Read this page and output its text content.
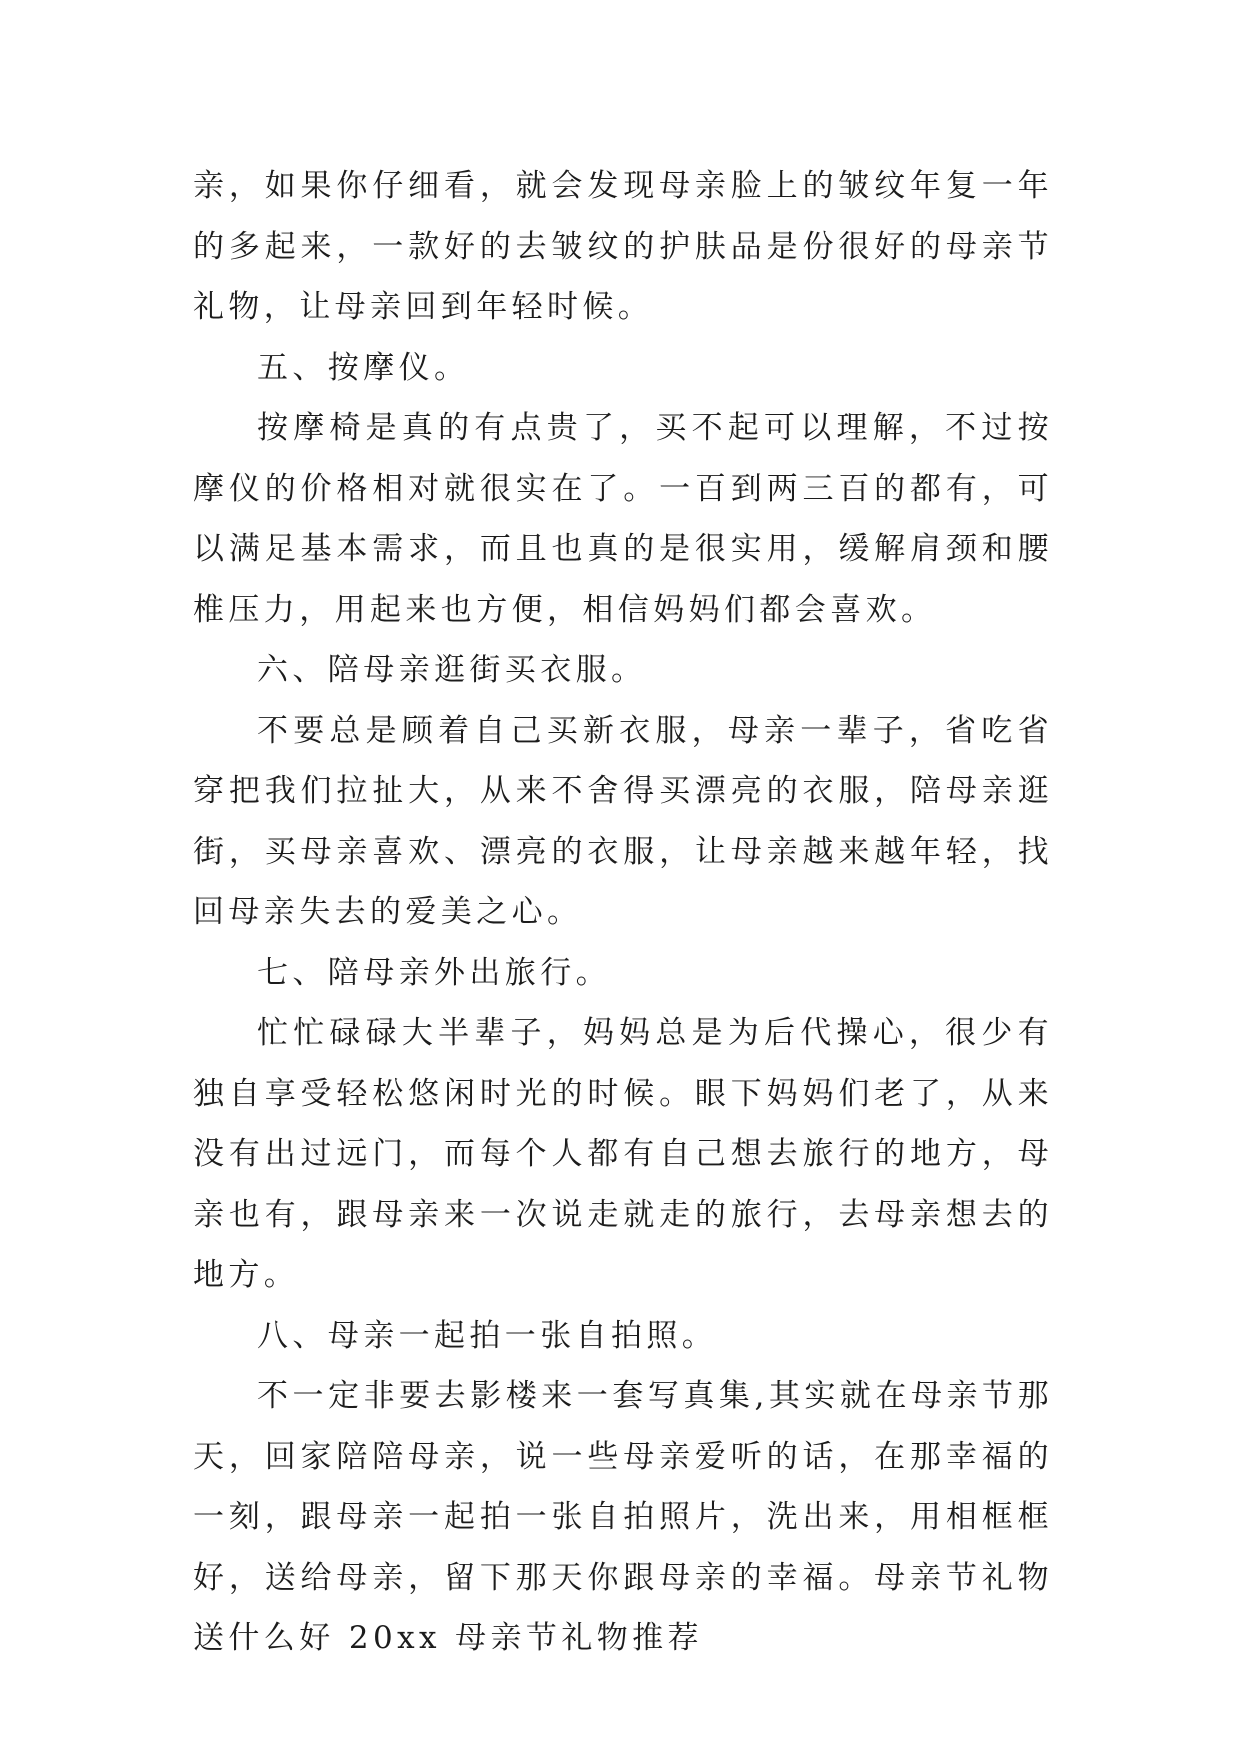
亲，如果你仔细看，就会发现母亲脸上的皱纹年复一年的多起来，一款好的去皱纹的护肤品是份很好的母亲节礼物，让母亲回到年轻时候。

五、按摩仪。

按摩椅是真的有点贵了，买不起可以理解，不过按摩仪的价格相对就很实在了。一百到两三百的都有，可以满足基本需求，而且也真的是很实用，缓解肩颈和腰椎压力，用起来也方便，相信妈妈们都会喜欢。

六、陪母亲逛街买衣服。

不要总是顾着自己买新衣服，母亲一辈子，省吃省穿把我们拉扯大，从来不舍得买漂亮的衣服，陪母亲逛街，买母亲喜欢、漂亮的衣服，让母亲越来越年轻，找回母亲失去的爱美之心。

七、陪母亲外出旅行。

忙忙碌碌大半辈子，妈妈总是为后代操心，很少有独自享受轻松悠闲时光的时候。眼下妈妈们老了，从来没有出过远门，而每个人都有自己想去旅行的地方，母亲也有，跟母亲来一次说走就走的旅行，去母亲想去的地方。

八、母亲一起拍一张自拍照。

不一定非要去影楼来一套写真集,其实就在母亲节那天，回家陪陪母亲，说一些母亲爱听的话，在那幸福的一刻，跟母亲一起拍一张自拍照片，洗出来，用相框框好，送给母亲，留下那天你跟母亲的幸福。母亲节礼物送什么好 20xx 母亲节礼物推荐
